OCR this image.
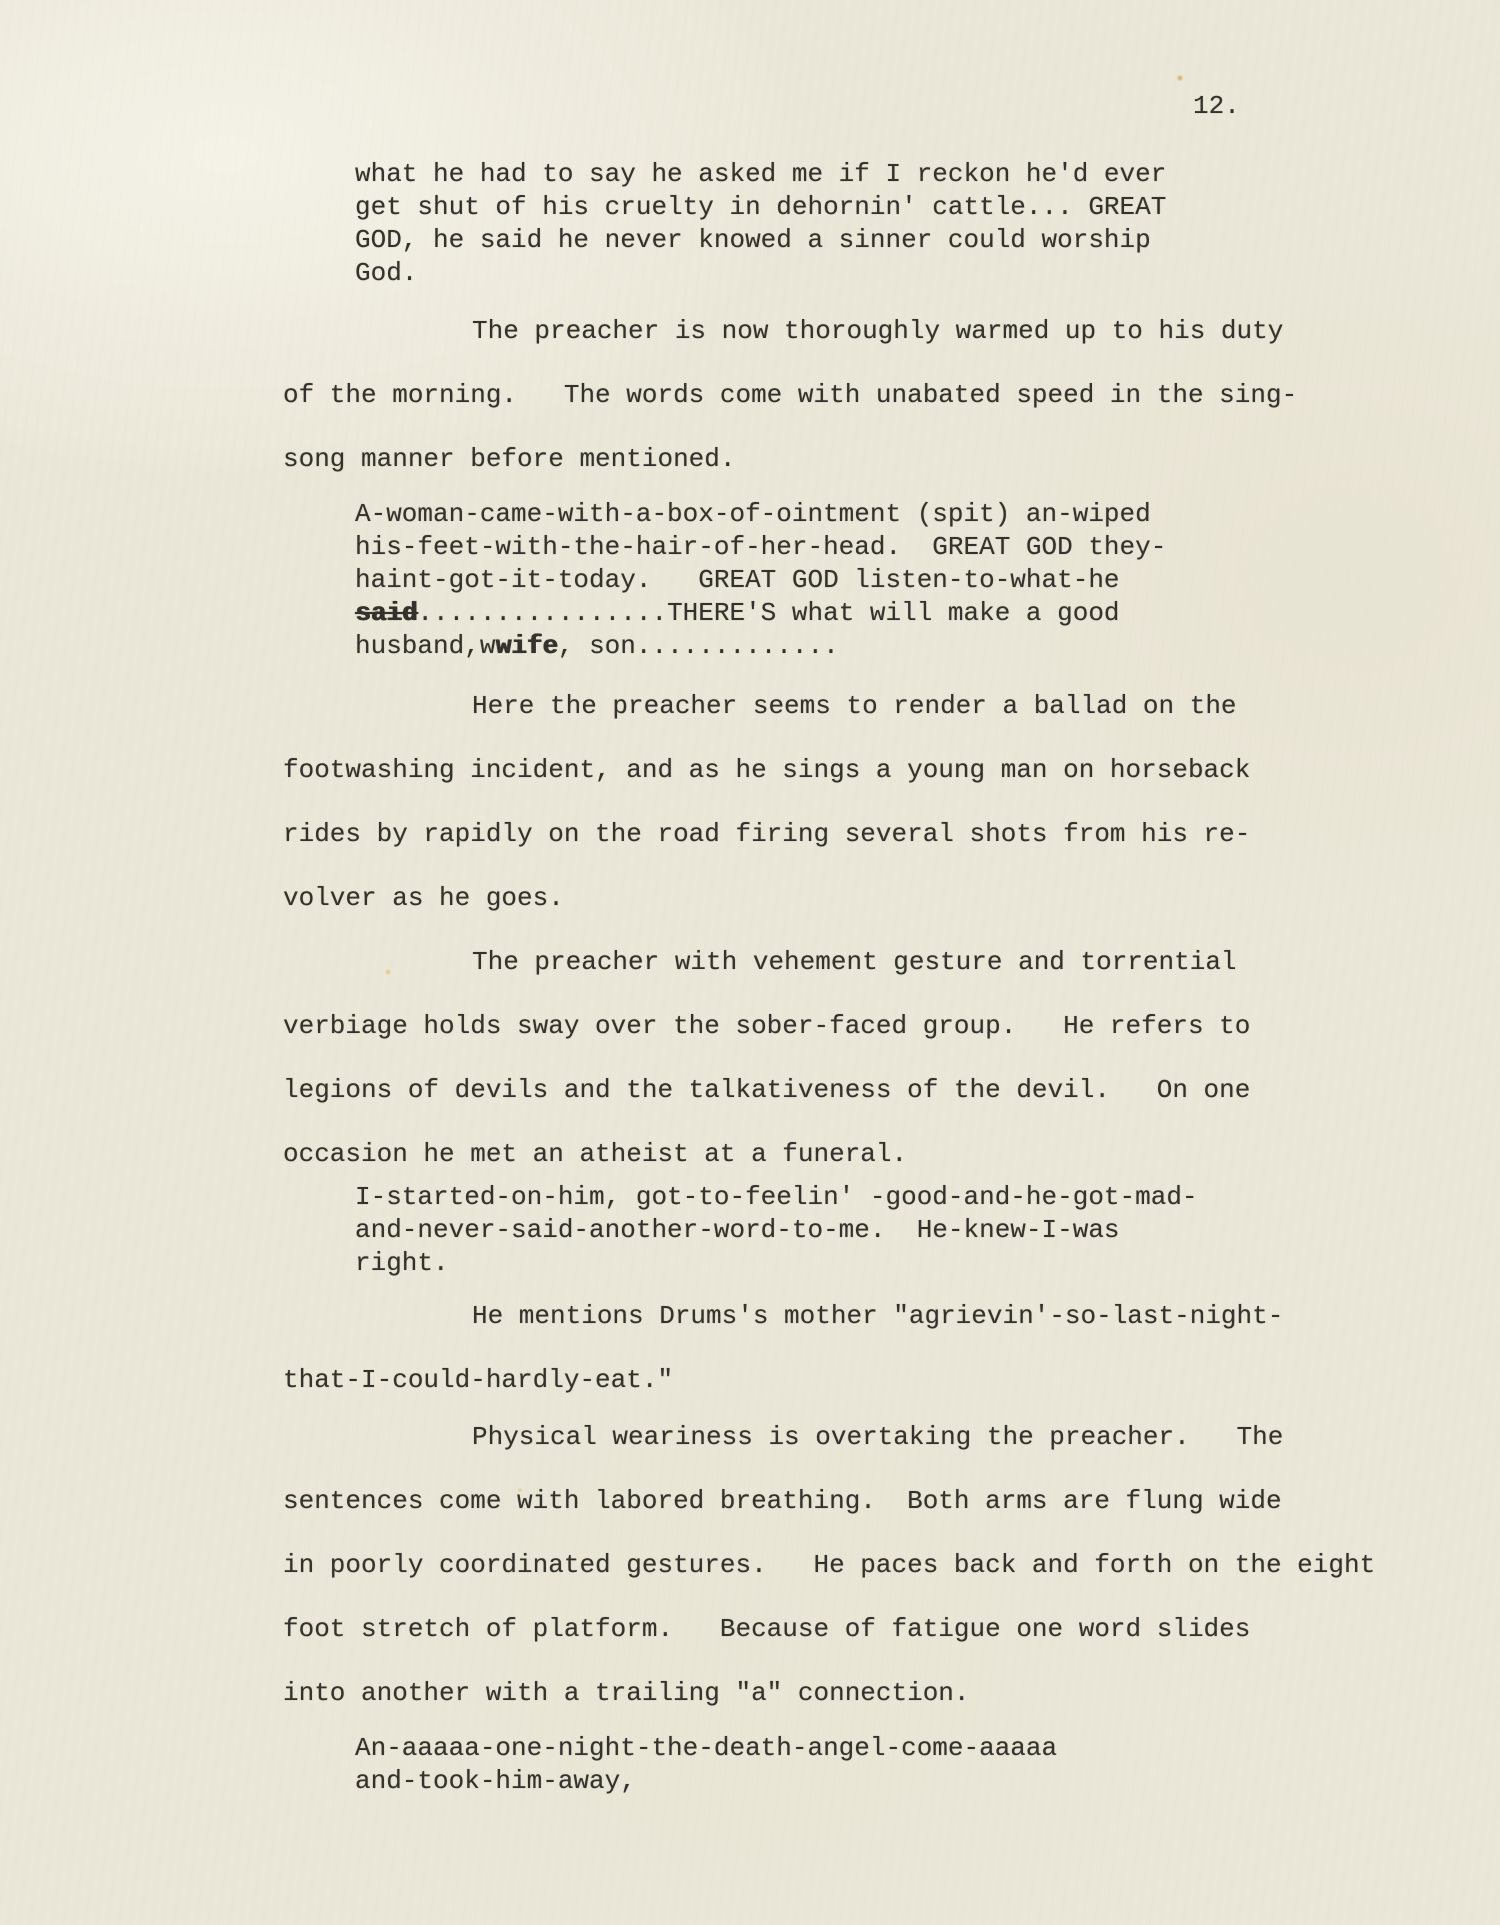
12.
what he had to say he asked me if I reckon he'd ever
get shut of his cruelty in dehornin' cattle... GREAT
GOD, he said he never knowed a sinner could worship
God.
The preacher is now thoroughly warmed up to his duty
of the morning.   The words come with unabated speed in the sing-
song manner before mentioned.
A-woman-came-with-a-box-of-ointment (spit) an-wiped
his-feet-with-the-hair-of-her-head.  GREAT GOD they-
haint-got-it-today.   GREAT GOD listen-to-what-he
said................THERE'S what will make a good
husband,wwife, son.............
Here the preacher seems to render a ballad on the
footwashing incident, and as he sings a young man on horseback
rides by rapidly on the road firing several shots from his re-
volver as he goes.
The preacher with vehement gesture and torrential
verbiage holds sway over the sober-faced group.   He refers to
legions of devils and the talkativeness of the devil.   On one
occasion he met an atheist at a funeral.
I-started-on-him, got-to-feelin' -good-and-he-got-mad-
and-never-said-another-word-to-me.  He-knew-I-was
right.
He mentions Drums's mother "agrievin'-so-last-night-
that-I-could-hardly-eat."
Physical weariness is overtaking the preacher.   The
sentences come with labored breathing.  Both arms are flung wide
in poorly coordinated gestures.   He paces back and forth on the eight
foot stretch of platform.   Because of fatigue one word slides
into another with a trailing "a" connection.
An-aaaaa-one-night-the-death-angel-come-aaaaa
and-took-him-away,
